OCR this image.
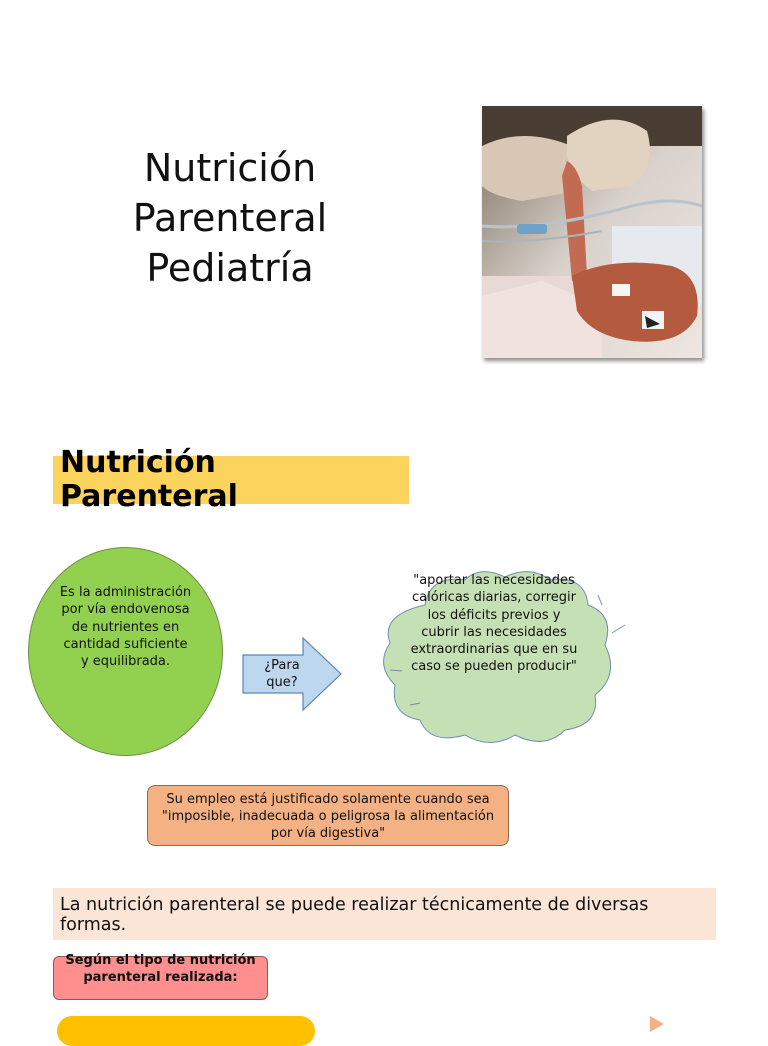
Nutrición
Parenteral
Pediatría
Nutrición Parenteral
Es la administración por vía endovenosa de nutrientes en cantidad suficiente y equilibrada.	¿Para que?
"aportar las necesidades calóricas diarias, corregir los déficits previos y cubrir las necesidades extraordinarias que en su caso se pueden producir"
Su empleo está justificado solamente cuando sea "imposible, inadecuada o peligrosa la alimentación por vía digestiva"
La nutrición parenteral se puede realizar técnicamente de diversas formas.
Según el tipo de nutrición parenteral realizada:
